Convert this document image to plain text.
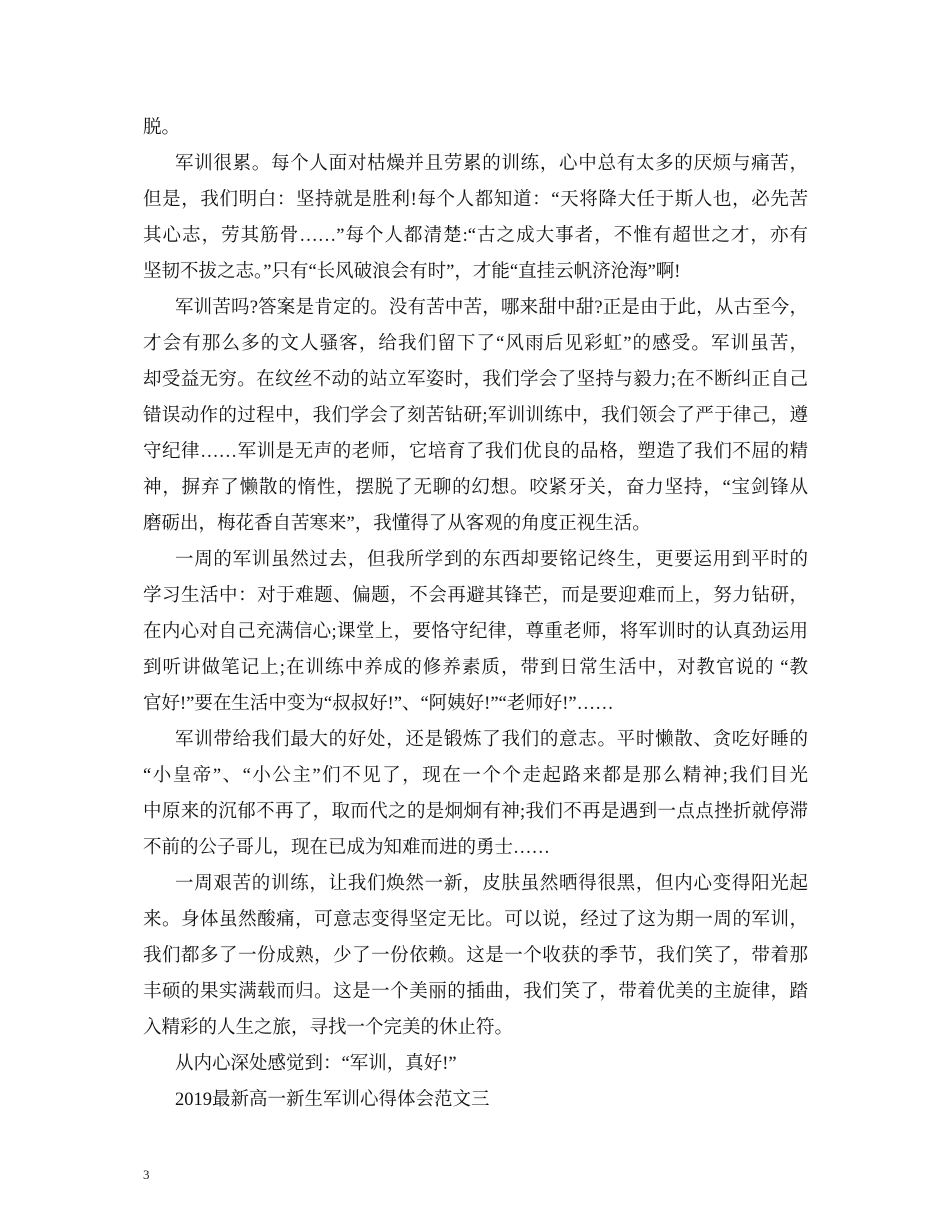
脱。
军训很累。每个人面对枯燥并且劳累的训练，心中总有太多的厌烦与痛苦，
但是，我们明白：坚持就是胜利!每个人都知道：“天将降大任于斯人也，必先苦
其心志，劳其筋骨……”每个人都清楚:“古之成大事者，不惟有超世之才，亦有
坚韧不拔之志。”只有“长风破浪会有时”，才能“直挂云帆济沧海”啊!
军训苦吗?答案是肯定的。没有苦中苦，哪来甜中甜?正是由于此，从古至今，
才会有那么多的文人骚客，给我们留下了“风雨后见彩虹”的感受。军训虽苦，
却受益无穷。在纹丝不动的站立军姿时，我们学会了坚持与毅力;在不断纠正自己
错误动作的过程中，我们学会了刻苦钻研;军训训练中，我们领会了严于律己，遵
守纪律……军训是无声的老师，它培育了我们优良的品格，塑造了我们不屈的精
神，摒弃了懒散的惰性，摆脱了无聊的幻想。咬紧牙关，奋力坚持，“宝剑锋从
磨砺出，梅花香自苦寒来”，我懂得了从客观的角度正视生活。
一周的军训虽然过去，但我所学到的东西却要铭记终生，更要运用到平时的
学习生活中：对于难题、偏题，不会再避其锋芒，而是要迎难而上，努力钻研，
在内心对自己充满信心;课堂上，要恪守纪律，尊重老师，将军训时的认真劲运用
到听讲做笔记上;在训练中养成的修养素质，带到日常生活中，对教官说的 “教
官好!”要在生活中变为“叔叔好!”、“阿姨好!”“老师好!”……
军训带给我们最大的好处，还是锻炼了我们的意志。平时懒散、贪吃好睡的
“小皇帝”、“小公主”们不见了，现在一个个走起路来都是那么精神;我们目光
中原来的沉郁不再了，取而代之的是炯炯有神;我们不再是遇到一点点挫折就停滞
不前的公子哥儿，现在已成为知难而进的勇士……
一周艰苦的训练，让我们焕然一新，皮肤虽然晒得很黑，但内心变得阳光起
来。身体虽然酸痛，可意志变得坚定无比。可以说，经过了这为期一周的军训，
我们都多了一份成熟，少了一份依赖。这是一个收获的季节，我们笑了，带着那
丰硕的果实满载而归。这是一个美丽的插曲，我们笑了，带着优美的主旋律，踏
入精彩的人生之旅，寻找一个完美的休止符。
从内心深处感觉到：“军训，真好!”
2019最新高一新生军训心得体会范文三
3
